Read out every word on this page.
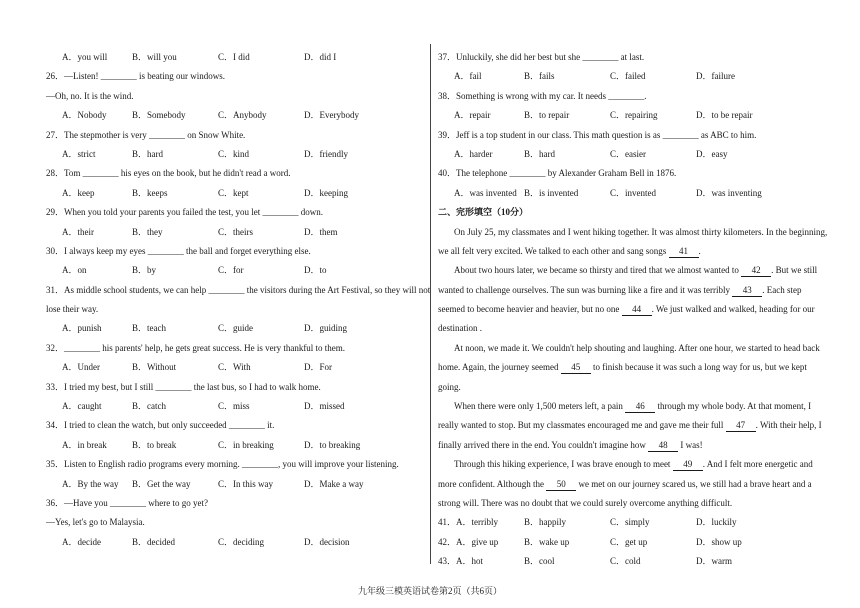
A．you will	B．will you	C．I did	D．did I
26．—Listen! ________ is beating our windows.
—Oh, no. It is the wind.
A．Nobody	B．Somebody	C．Anybody	D．Everybody
27．The stepmother is very ________ on Snow White.
A．strict	B．hard	C．kind	D．friendly
28．Tom ________ his eyes on the book, but he didn't read a word.
A．keep	B．keeps	C．kept	D．keeping
29．When you told your parents you failed the test, you let ________ down.
A．their	B．they	C．theirs	D．them
30．I always keep my eyes ________ the ball and forget everything else.
A．on	B．by	C．for	D．to
31．As middle school students, we can help ________ the visitors during the Art Festival, so they will not
lose their way.
A．punish	B．teach	C．guide	D．guiding
32．________ his parents' help, he gets great success. He is very thankful to them.
A．Under	B．Without	C．With	D．For
33．I tried my best, but I still ________ the last bus, so I had to walk home.
A．caught	B．catch	C．miss	D．missed
34．I tried to clean the watch, but only succeeded ________ it.
A．in break	B．to break	C．in breaking	D．to breaking
35．Listen to English radio programs every morning. ________, you will improve your listening.
A．By the way B．Get the way	C．In this way	D．Make a way
36．—Have you ________ where to go yet?
—Yes, let's go to Malaysia.
A．decide	B．decided	C．deciding	D．decision
37．Unluckily, she did her best but she ________ at last.
A．fail	B．fails	C．failed	D．failure
38．Something is wrong with my car. It needs ________.
A．repair	B．to repair	C．repairing	D．to be repair
39．Jeff is a top student in our class. This math question is as ________ as ABC to him.
A．harder	B．hard	C．easier	D．easy
40．The telephone ________ by Alexander Graham Bell in 1876.
A．was invented B．is invented	C．invented	D．was inventing
二、完形填空（10分）
On July 25, my classmates and I went hiking together. It was almost thirty kilometers. In the beginning,
we all felt very excited. We talked to each other and sang songs 41 .
About two hours later, we became so thirsty and tired that we almost wanted to 42 . But we still
wanted to challenge ourselves. The sun was burning like a fire and it was terribly 43 . Each step
seemed to become heavier and heavier, but no one 44 . We just walked and walked, heading for our
destination .
At noon, we made it. We couldn't help shouting and laughing. After one hour, we started to head back
home. Again, the journey seemed 45 to finish because it was such a long way for us, but we kept
going.
When there were only 1,500 meters left, a pain 46 through my whole body. At that moment, I
really wanted to stop. But my classmates encouraged me and gave me their full 47 . With their help, I
finally arrived there in the end. You couldn't imagine how 48 I was!
Through this hiking experience, I was brave enough to meet 49 . And I felt more energetic and
more confident. Although the 50 we met on our journey scared us, we still had a brave heart and a
strong will. There was no doubt that we could surely overcome anything difficult.
41．A．terribly	B．happily	C．simply	D．luckily
42．A．give up	B．wake up	C．get up	D．show up
43．A．hot	B．cool	C．cold	D．warm
九年级三模英语试卷第2页（共6页）
